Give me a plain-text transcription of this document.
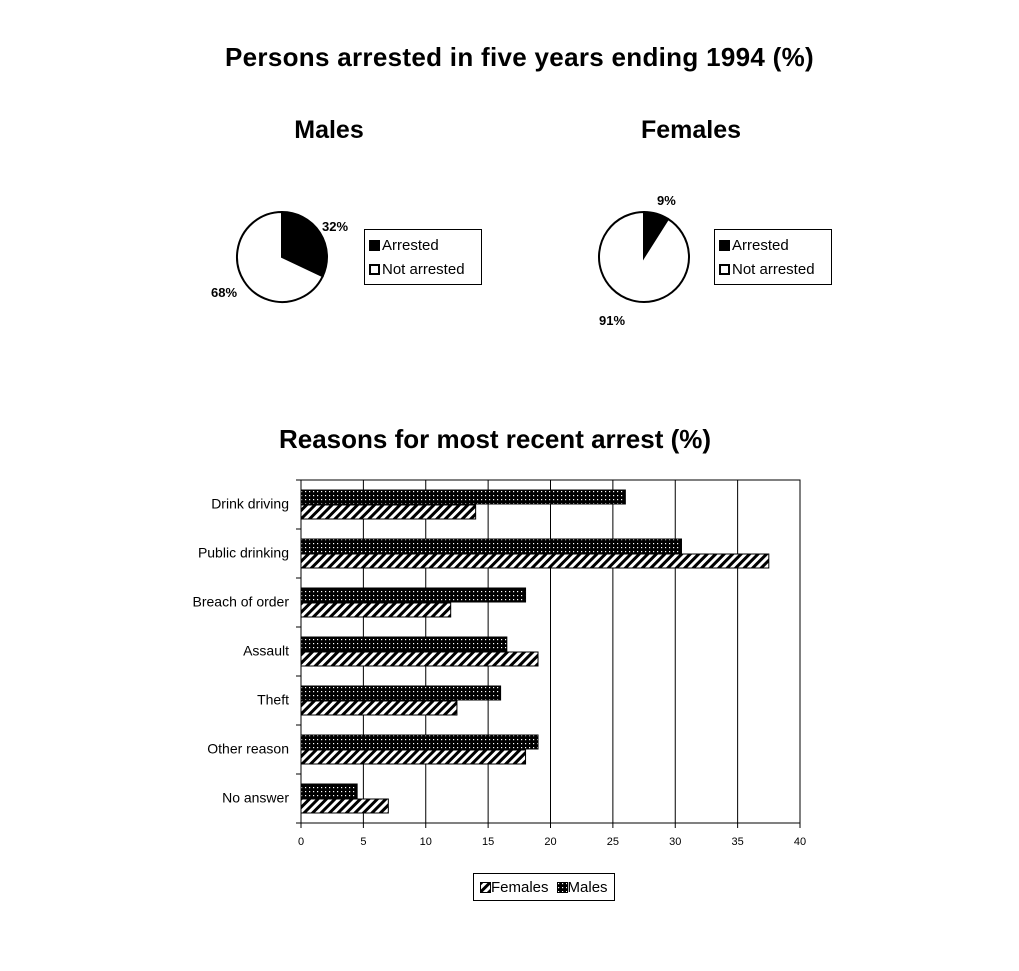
Persons arrested in five years ending 1994 (%)
Males	Females
32%
68%
9%
91%
Arrested
Not arrested
Arrested
Not arrested
Reasons for most recent arrest (%)
0	5	10	15	20	25	30	35	40
Drink driving
Public drinking
Breach of order
Assault
Theft
Other reason
No answer
Females Males
